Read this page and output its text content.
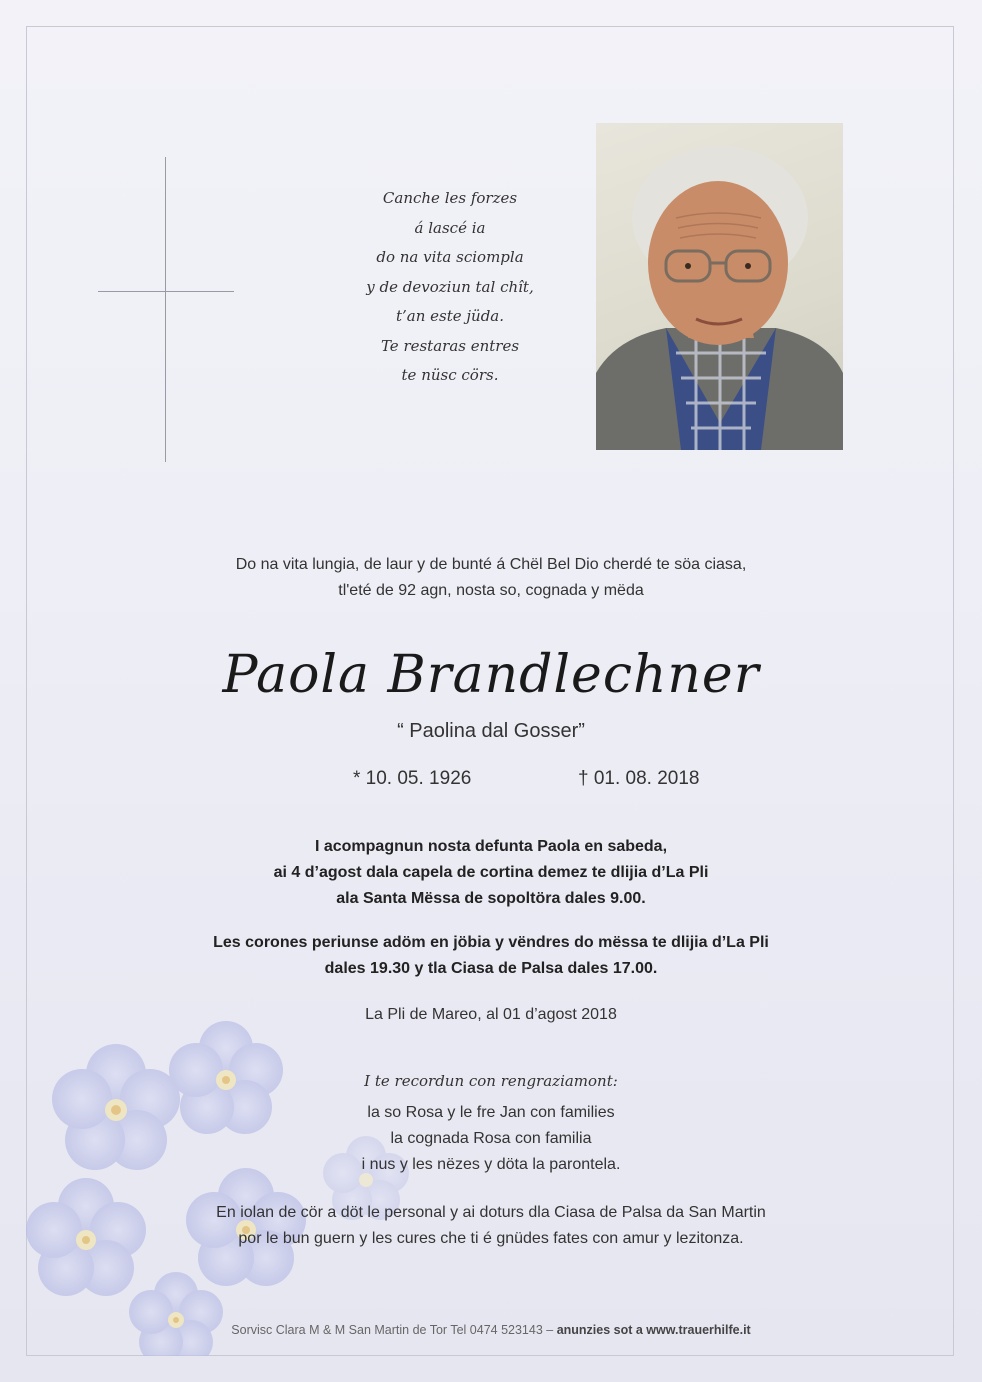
Canche les forzes
á lascé ia
do na vita sciompla
y de devoziun tal chît,
t’an este jüda.
Te restaras entres
te nüsc cörs.
Do na vita lungia, de laur y de bunté á Chël Bel Dio cherdé te söa ciasa,
tl'eté de 92 agn, nosta so, cognada y mëda
Paola Brandlechner
“ Paolina dal Gosser”
* 10. 05. 1926	† 01. 08. 2018
I acompagnun nosta defunta Paola en sabeda,
ai 4 d’agost dala capela de cortina demez te dlijia d’La Pli
ala Santa Mëssa de sopoltöra dales 9.00.
Les corones periunse adöm en jöbia y vëndres do mëssa te dlijia d’La Pli
dales 19.30 y tla Ciasa de Palsa dales 17.00.
La Pli de Mareo, al 01 d’agost 2018
I te recordun con rengraziamont:
la so Rosa y le fre Jan con families
la cognada Rosa con familia
i nus y les nëzes y döta la parontela.
En iolan de cör a döt le personal y ai doturs dla Ciasa de Palsa da San Martin
por le bun guern y les cures che ti é gnüdes fates con amur y lezitonza.
Sorvisc Clara M & M San Martin de Tor Tel 0474 523143 – anunzies sot a www.trauerhilfe.it
